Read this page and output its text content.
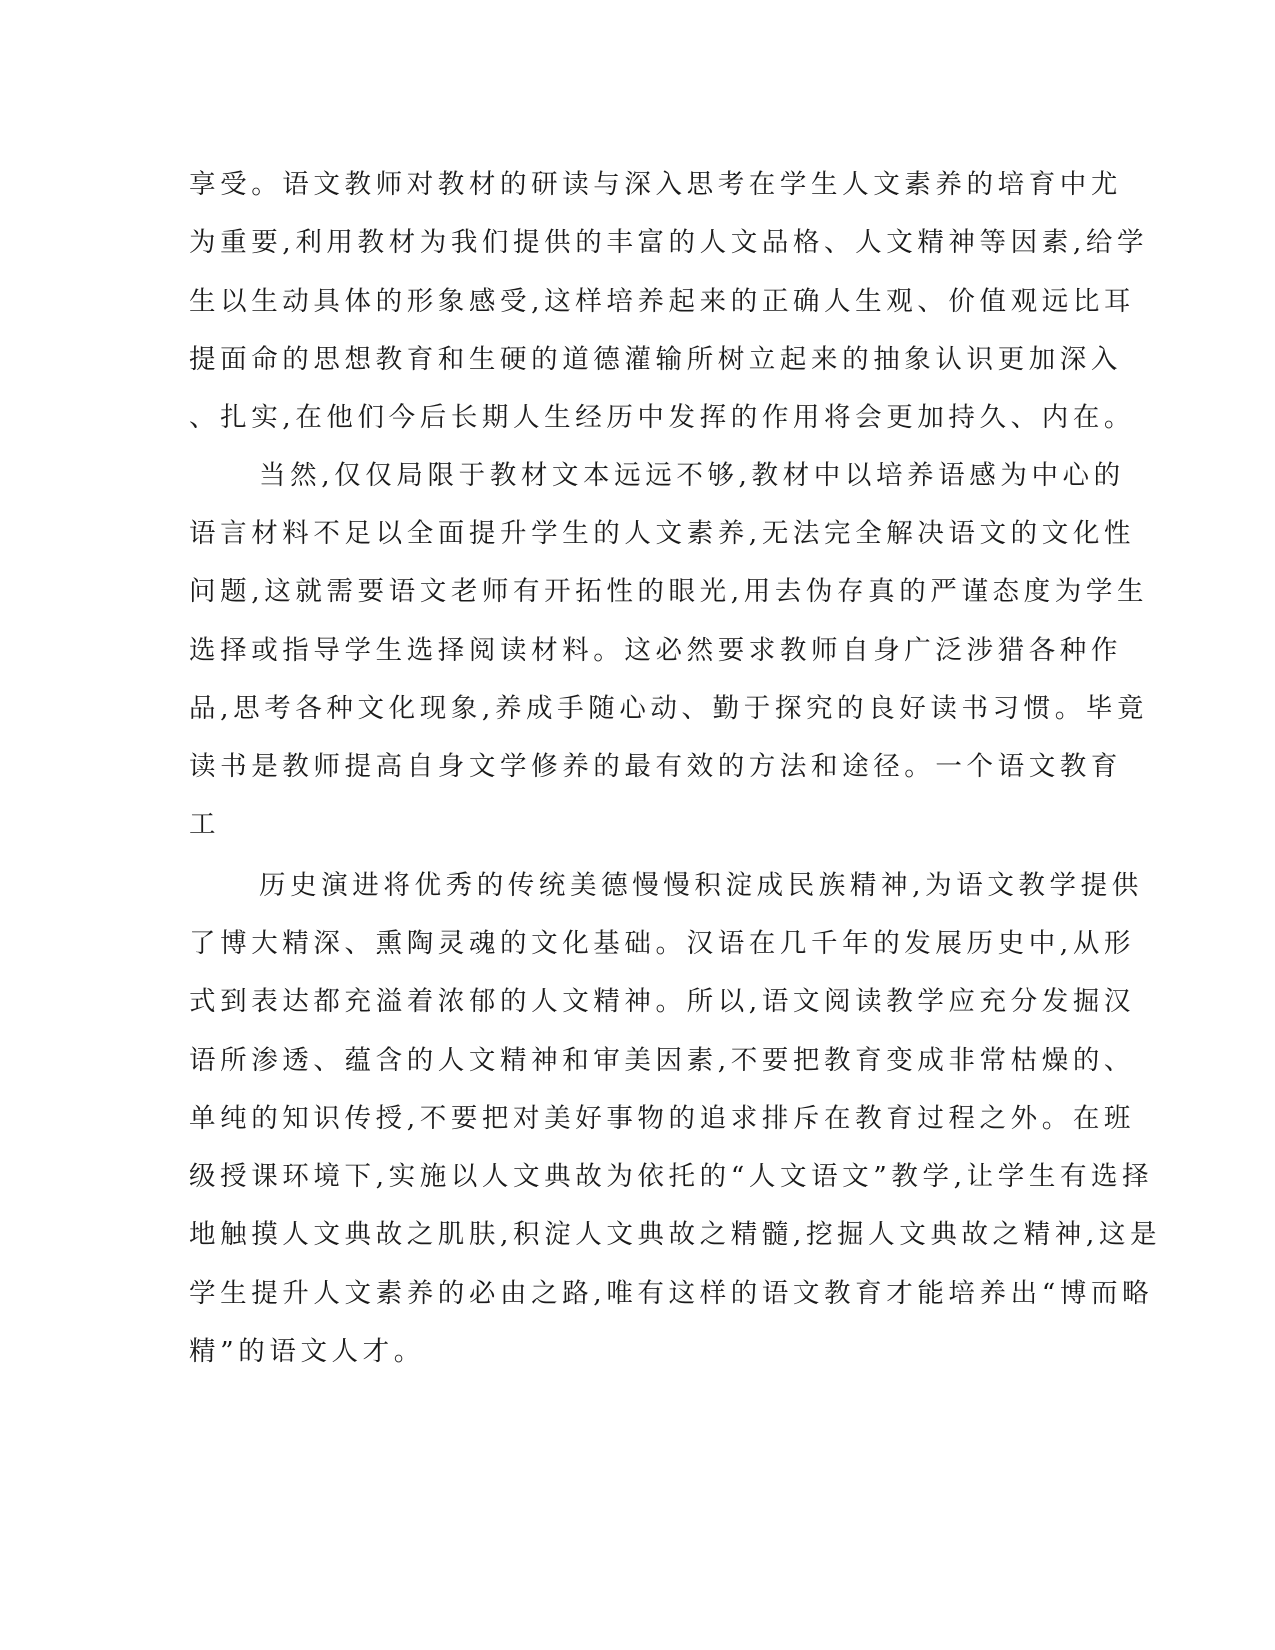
享受。语文教师对教材的研读与深入思考在学生人文素养的培育中尤
为重要,利用教材为我们提供的丰富的人文品格、人文精神等因素,给学
生以生动具体的形象感受,这样培养起来的正确人生观、价值观远比耳
提面命的思想教育和生硬的道德灌输所树立起来的抽象认识更加深入
、扎实,在他们今后长期人生经历中发挥的作用将会更加持久、内在。
当然,仅仅局限于教材文本远远不够,教材中以培养语感为中心的
语言材料不足以全面提升学生的人文素养,无法完全解决语文的文化性
问题,这就需要语文老师有开拓性的眼光,用去伪存真的严谨态度为学生
选择或指导学生选择阅读材料。这必然要求教师自身广泛涉猎各种作
品,思考各种文化现象,养成手随心动、勤于探究的良好读书习惯。毕竟
读书是教师提高自身文学修养的最有效的方法和途径。一个语文教育
工
历史演进将优秀的传统美德慢慢积淀成民族精神,为语文教学提供
了博大精深、熏陶灵魂的文化基础。汉语在几千年的发展历史中,从形
式到表达都充溢着浓郁的人文精神。所以,语文阅读教学应充分发掘汉
语所渗透、蕴含的人文精神和审美因素,不要把教育变成非常枯燥的、
单纯的知识传授,不要把对美好事物的追求排斥在教育过程之外。在班
级授课环境下,实施以人文典故为依托的“人文语文”教学,让学生有选择
地触摸人文典故之肌肤,积淀人文典故之精髓,挖掘人文典故之精神,这是
学生提升人文素养的必由之路,唯有这样的语文教育才能培养出“博而略
精”的语文人才。
